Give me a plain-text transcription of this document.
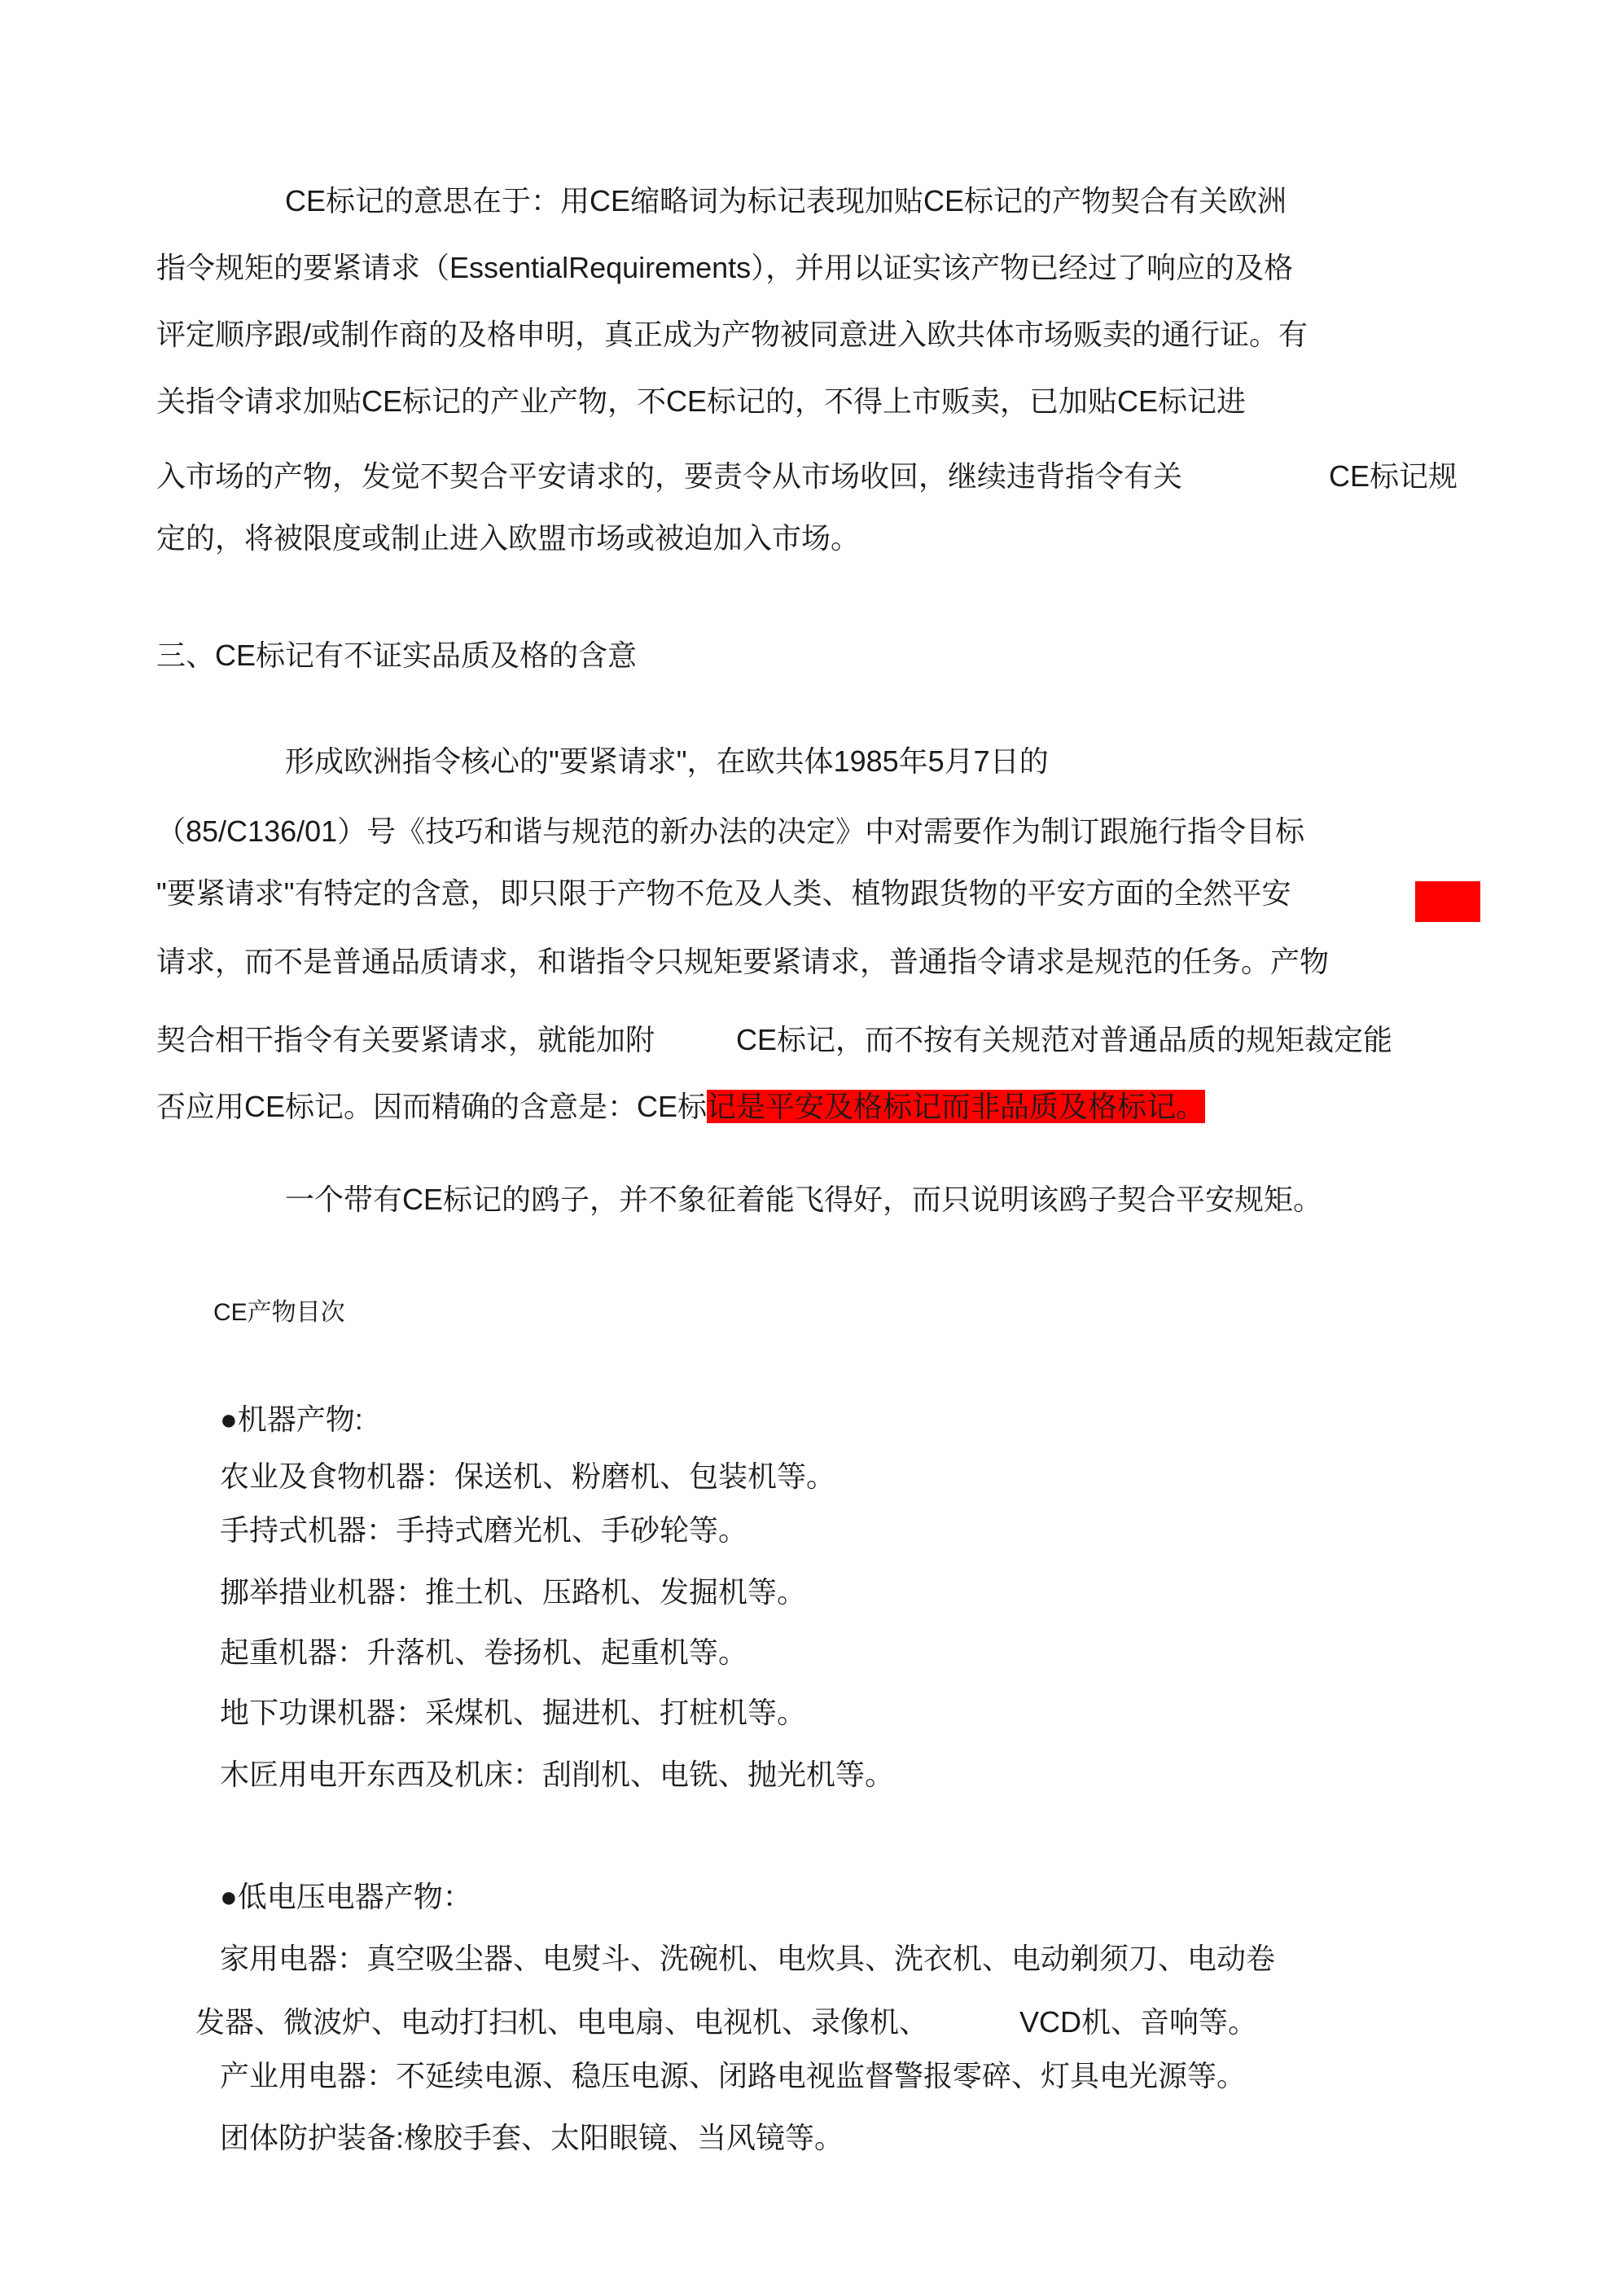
CE标记的意思在于：用CE缩略词为标记表现加贴CE标记的产物契合有关欧洲
指令规矩的要紧请求（EssentialRequirements），并用以证实该产物已经过了响应的及格
评定顺序跟/或制作商的及格申明，真正成为产物被同意进入欧共体市场贩卖的通行证。有
关指令请求加贴CE标记的产业产物，不CE标记的，不得上市贩卖，已加贴CE标记进
入市场的产物，发觉不契合平安请求的，要责令从市场收回，继续违背指令有关	CE标记规
定的，将被限度或制止进入欧盟市场或被迫加入市场。
三、CE标记有不证实品质及格的含意
形成欧洲指令核心的"要紧请求"，在欧共体1985年5月7日的
（85/C136/01）号《技巧和谐与规范的新办法的决定》中对需要作为制订跟施行指令目标
"要紧请求"有特定的含意，即只限于产物不危及人类、植物跟货物的平安方面的全然平安
请求，而不是普通品质请求，和谐指令只规矩要紧请求，普通指令请求是规范的任务。产物
契合相干指令有关要紧请求，就能加附	CE标记，而不按有关规范对普通品质的规矩裁定能
否应用CE标记。因而精确的含意是：CE标记是平安及格标记而非品质及格标记。
一个带有CE标记的鸥子，并不象征着能飞得好，而只说明该鸥子契合平安规矩。
CE产物目次
●机器产物:
农业及食物机器：保送机、粉磨机、包装机等。
手持式机器：手持式磨光机、手砂轮等。
挪举措业机器：推土机、压路机、发掘机等。
起重机器：升落机、卷扬机、起重机等。
地下功课机器：采煤机、掘进机、打桩机等。
木匠用电开东西及机床：刮削机、电铣、抛光机等。
●低电压电器产物：
家用电器：真空吸尘器、电熨斗、洗碗机、电炊具、洗衣机、电动剃须刀、电动卷
发器、微波炉、电动打扫机、电电扇、电视机、录像机、	VCD机、音响等。
产业用电器：不延续电源、稳压电源、闭路电视监督警报零碎、灯具电光源等。
团体防护装备:橡胶手套、太阳眼镜、当风镜等。
